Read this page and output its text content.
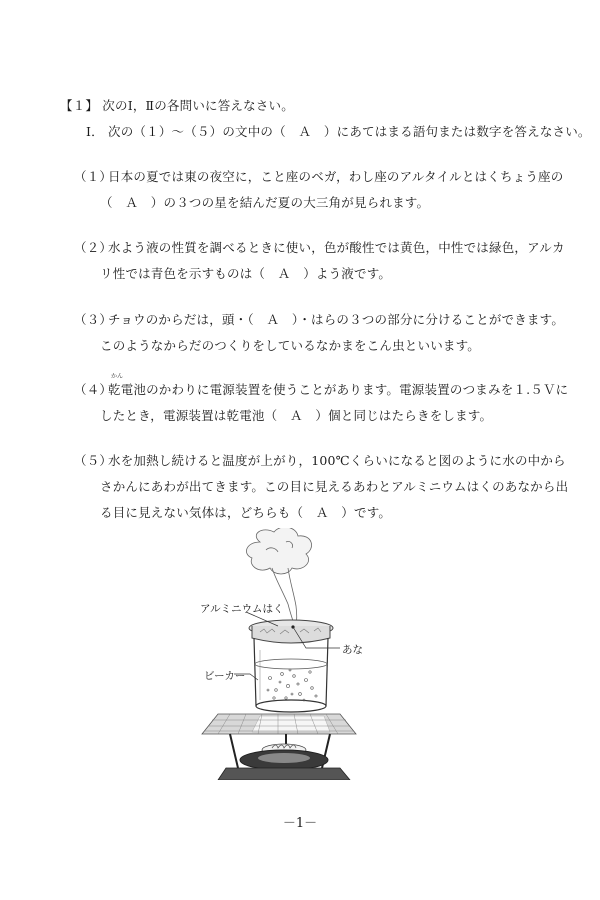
【１】 次のⅠ，Ⅱの各問いに答えなさい。
Ⅰ． 次の（１）～（５）の文中の（　Ａ　）にあてはまる語句または数字を答えなさい。
（１）
日本の夏では東の夜空に，こと座のベガ，わし座のアルタイルとはくちょう座の
（　Ａ　）の３つの星を結んだ夏の大三角が見られます。
（２）
水よう液の性質を調べるときに使い，色が酸性では黄色，中性では緑色，アルカ
リ性では青色を示すものは（　Ａ　）よう液です。
（３）
チョウのからだは，頭・（　Ａ　）・はらの３つの部分に分けることができます。
このようなからだのつくりをしているなかまをこん虫といいます。
かん
（４）
乾電池のかわりに電源装置を使うことがあります。電源装置のつまみを１.５Ｖに
したとき，電源装置は乾電池（　Ａ　）個と同じはたらきをします。
（５）
水を加熱し続けると温度が上がり，100℃くらいになると図のように水の中から
さかんにあわが出てきます。この目に見えるあわとアルミニウムはくのあなから出
る目に見えない気体は，どちらも（　Ａ　）です。
アルミニウムはく
あな
ビーカー
－1－
